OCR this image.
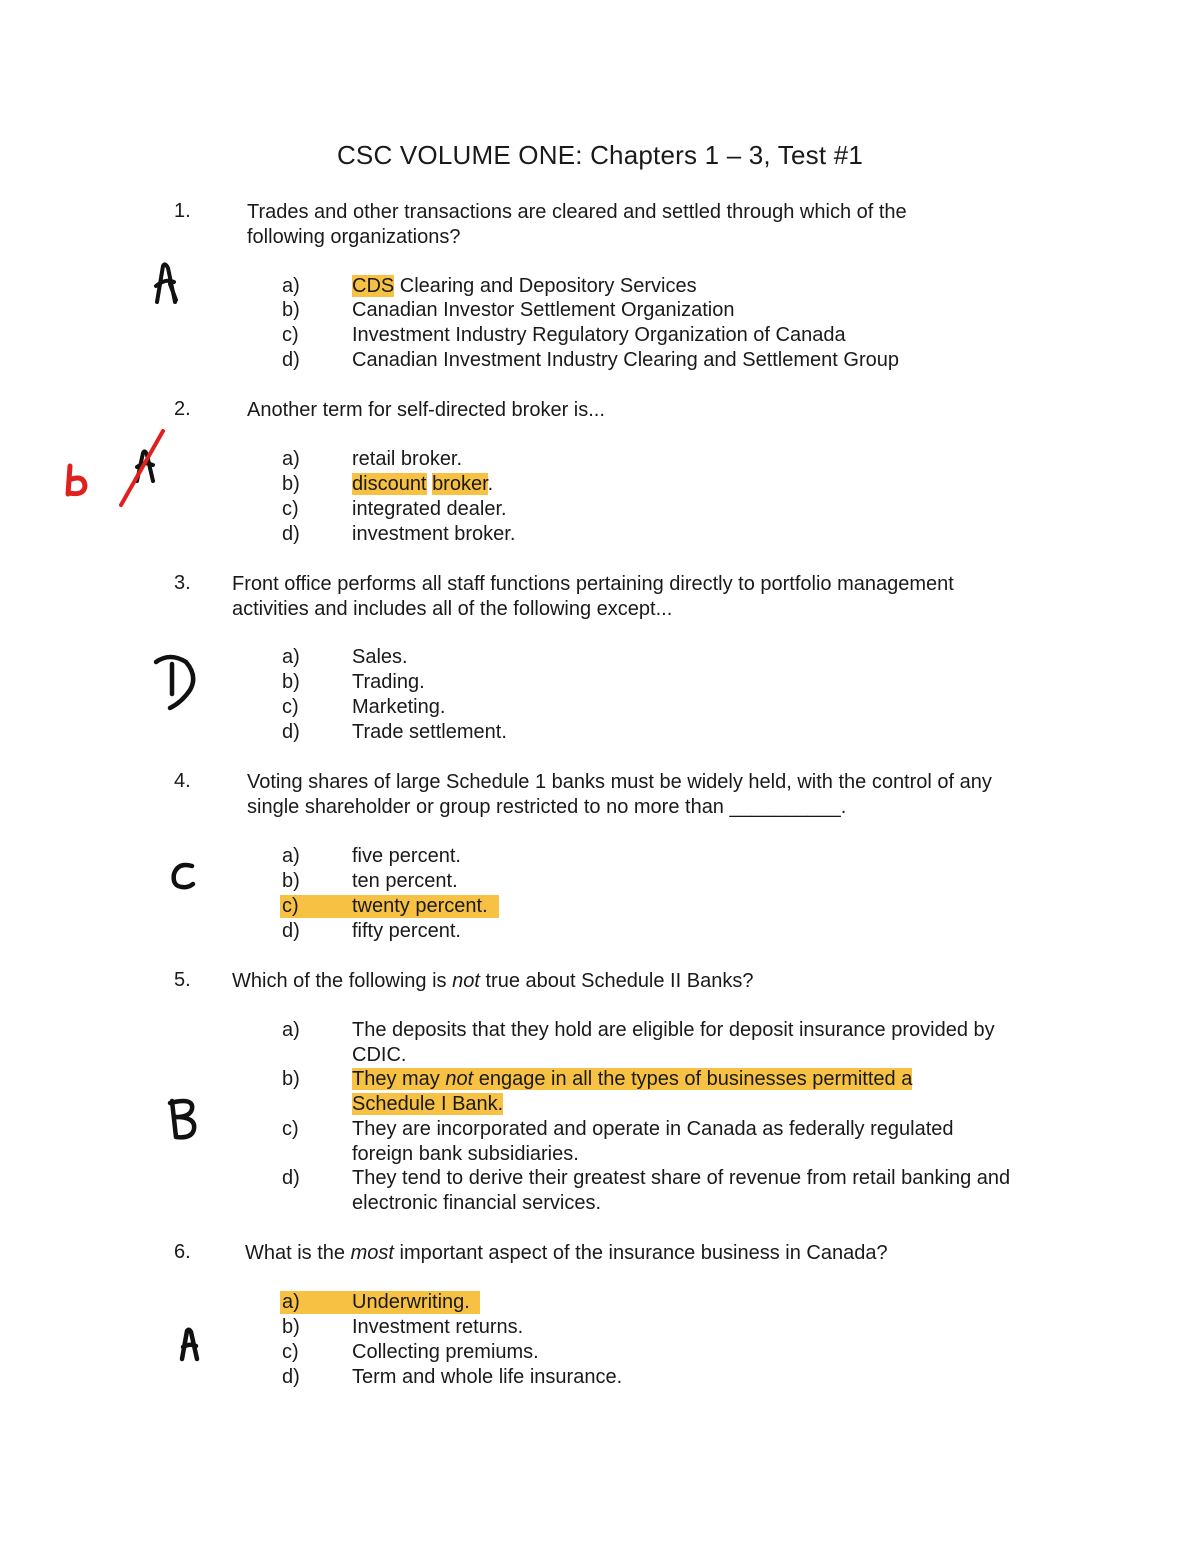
CSC VOLUME ONE: Chapters 1 – 3, Test #1
1.	Trades and other transactions are cleared and settled through which of the following organizations?
a)	CDS Clearing and Depository Services
b)	Canadian Investor Settlement Organization
c)	Investment Industry Regulatory Organization of Canada
d)	Canadian Investment Industry Clearing and Settlement Group
2.	Another term for self-directed broker is...
a)	retail broker.
b)	discount broker.
c)	integrated dealer.
d)	investment broker.
3. Front office performs all staff functions pertaining directly to portfolio management activities and includes all of the following except...
a)	Sales.
b)	Trading.
c)	Marketing.
d)	Trade settlement.
4.	Voting shares of large Schedule 1 banks must be widely held, with the control of any single shareholder or group restricted to no more than __________.
a)	five percent.
b)	ten percent.
c)	twenty percent.
d)	fifty percent.
5. Which of the following is not true about Schedule II Banks?
a)	The deposits that they hold are eligible for deposit insurance provided by CDIC.
b)	They may not engage in all the types of businesses permitted a
Schedule I Bank.
c)	They are incorporated and operate in Canada as federally regulated foreign bank subsidiaries.
d)	They tend to derive their greatest share of revenue from retail banking and electronic financial services.
6.	What is the most important aspect of the insurance business in Canada?
a)	Underwriting.
b)	Investment returns.
c)	Collecting premiums.
d)	Term and whole life insurance.
